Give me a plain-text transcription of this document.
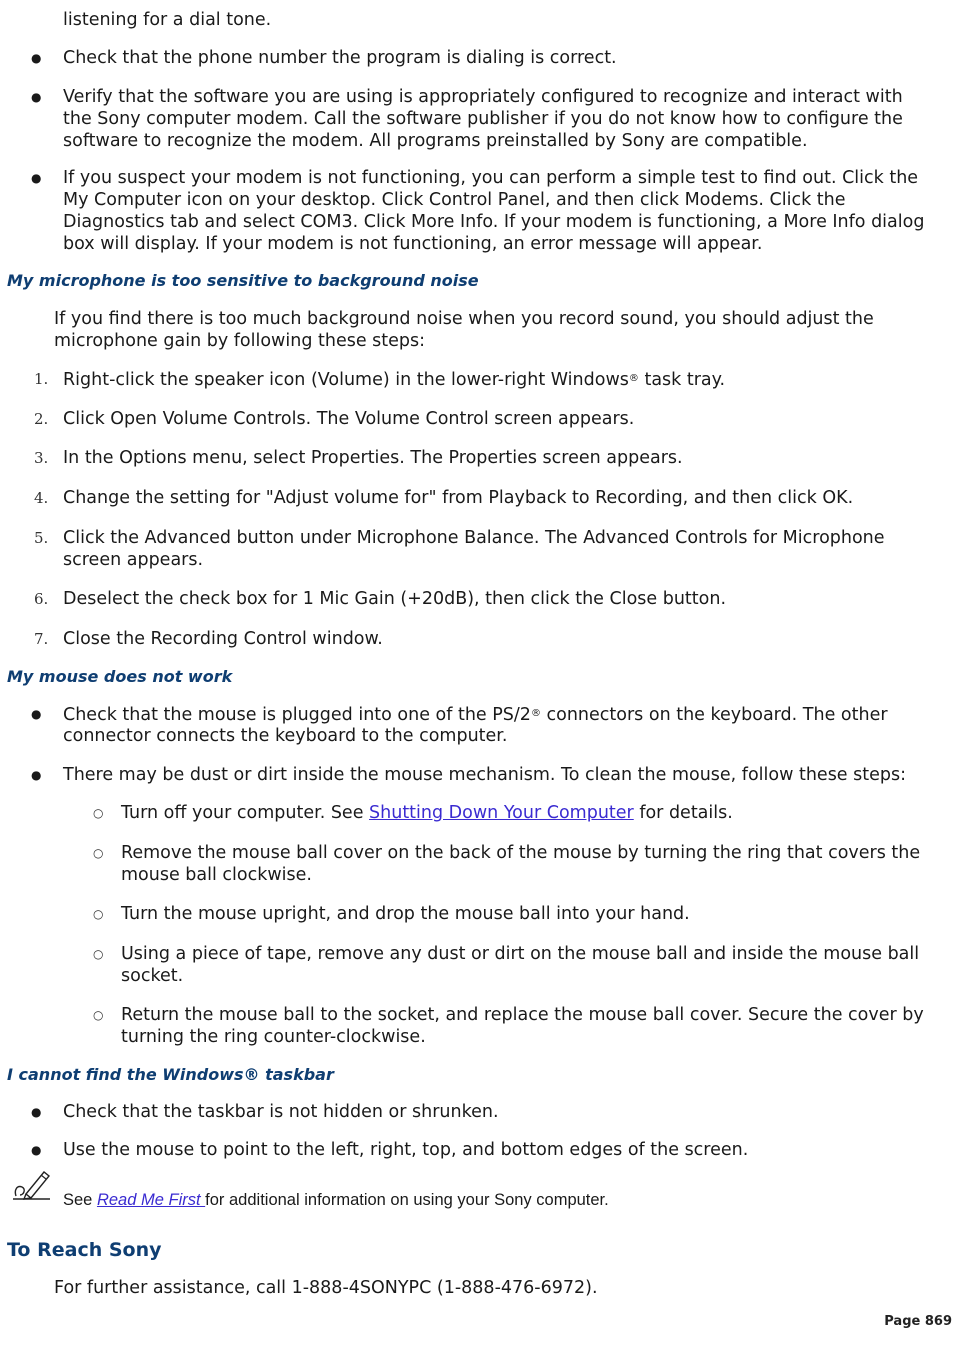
listening for a dial tone.
● Check that the phone number the program is dialing is correct.
● Verify that the software you are using is appropriately configured to recognize and interact with
the Sony computer modem. Call the software publisher if you do not know how to configure the
software to recognize the modem. All programs preinstalled by Sony are compatible.
● If you suspect your modem is not functioning, you can perform a simple test to find out. Click the
My Computer icon on your desktop. Click Control Panel, and then click Modems. Click the
Diagnostics tab and select COM3. Click More Info. If your modem is functioning, a More Info dialog
box will display. If your modem is not functioning, an error message will appear.
My microphone is too sensitive to background noise
If you find there is too much background noise when you record sound, you should adjust the
microphone gain by following these steps:
1. Right-click the speaker icon (Volume) in the lower-right Windows® task tray.
2. Click Open Volume Controls. The Volume Control screen appears.
3. In the Options menu, select Properties. The Properties screen appears.
4. Change the setting for "Adjust volume for" from Playback to Recording, and then click OK.
5. Click the Advanced button under Microphone Balance. The Advanced Controls for Microphone
screen appears.
6. Deselect the check box for 1 Mic Gain (+20dB), then click the Close button.
7. Close the Recording Control window.
My mouse does not work
● Check that the mouse is plugged into one of the PS/2® connectors on the keyboard. The other
connector connects the keyboard to the computer.
● There may be dust or dirt inside the mouse mechanism. To clean the mouse, follow these steps:
○ Turn off your computer. See Shutting Down Your Computer for details.
○ Remove the mouse ball cover on the back of the mouse by turning the ring that covers the
mouse ball clockwise.
○ Turn the mouse upright, and drop the mouse ball into your hand.
○ Using a piece of tape, remove any dust or dirt on the mouse ball and inside the mouse ball
socket.
○ Return the mouse ball to the socket, and replace the mouse ball cover. Secure the cover by
turning the ring counter-clockwise.
I cannot find the Windows® taskbar
● Check that the taskbar is not hidden or shrunken.
● Use the mouse to point to the left, right, top, and bottom edges of the screen.
See Read Me First for additional information on using your Sony computer.
To Reach Sony
For further assistance, call 1-888-4SONYPC (1-888-476-6972).
Page 869
